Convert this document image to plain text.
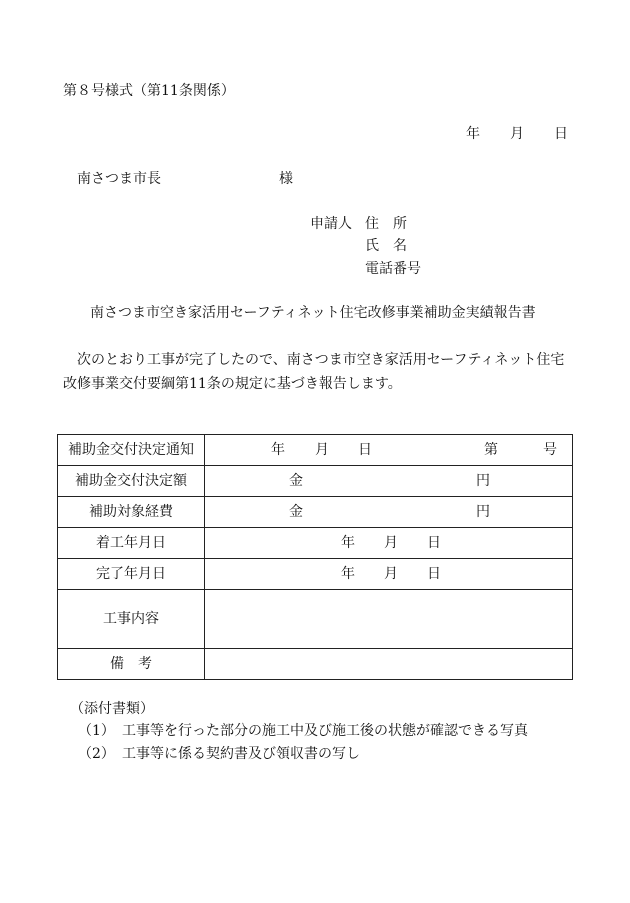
第８号様式（第11条関係）
年 月 日
南さつま市長	様
申請人 住　所
氏　名
電話番号
南さつま市空き家活用セーフティネット住宅改修事業補助金実績報告書
次のとおり工事が完了したので、南さつま市空き家活用セーフティネット住宅改修事業交付要綱第11条の規定に基づき報告します。
補助金交付決定通知	年 月 日 第 号

補助金交付決定額	金 円

補助対象経費	金 円

着工年月日	年 月 日

完了年月日	年 月 日

工事内容	
備　考	
（添付書類）
（1） 工事等を行った部分の施工中及び施工後の状態が確認できる写真
（2） 工事等に係る契約書及び領収書の写し
